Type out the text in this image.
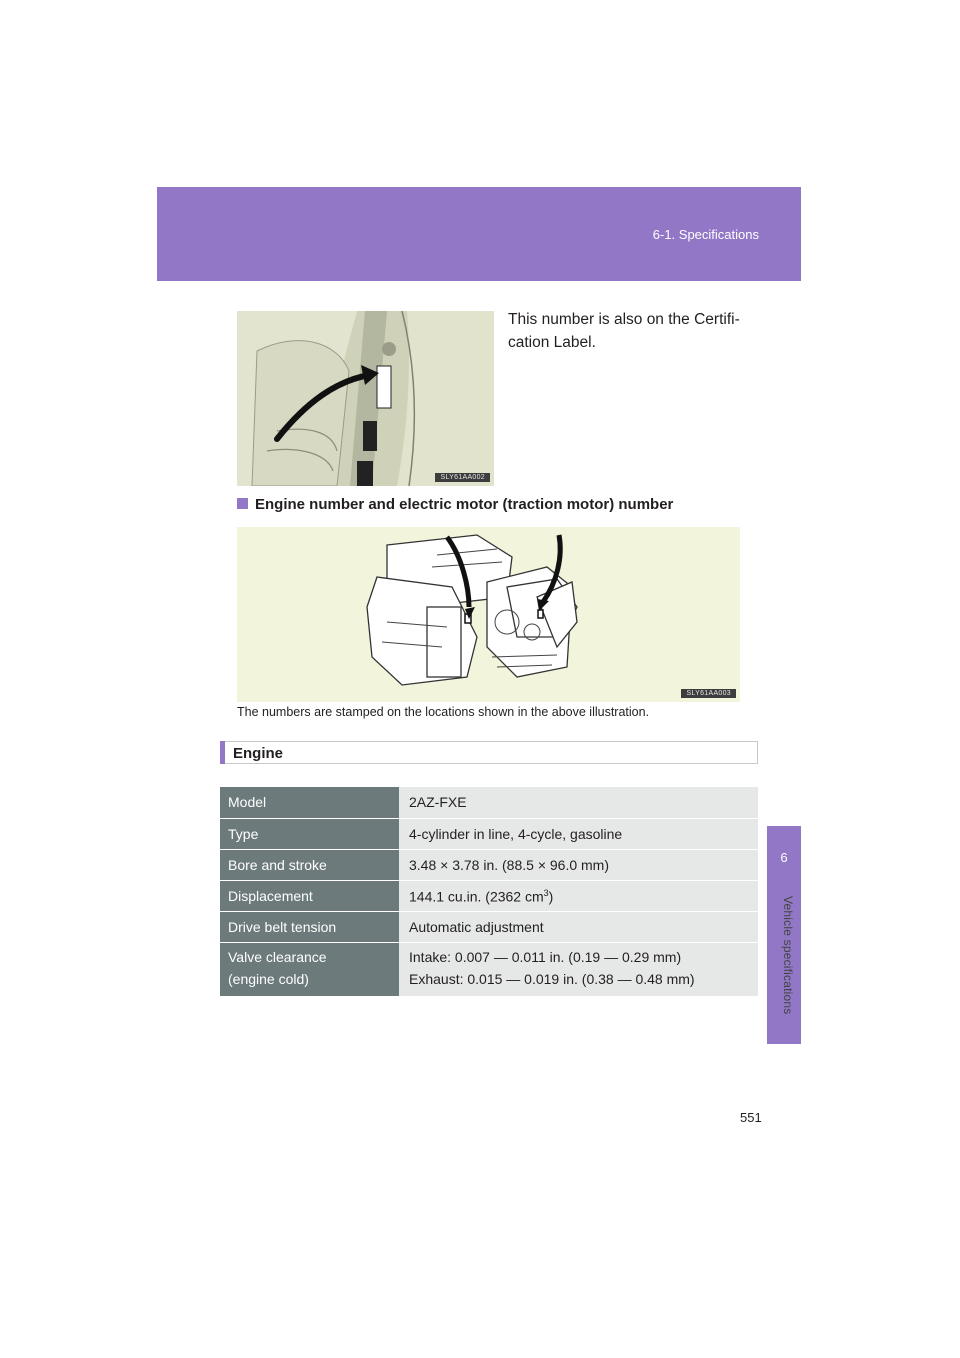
6-1. Specifications
6
Vehicle specifications
SLY61AA002
This number is also on the Certifi- cation Label.
Engine number and electric motor (traction motor) number
SLY61AA003
The numbers are stamped on the locations shown in the above illustration.
Engine
Model	2AZ-FXE
Type	4-cylinder in line, 4-cycle, gasoline
Bore and stroke	3.48 × 3.78 in. (88.5 × 96.0 mm)
Displacement	144.1 cu.in. (2362 $cm^3$)
Drive belt tension	Automatic adjustment

Valve clearance
(engine cold)	Intake: 0.007 — 0.011 in. (0.19 — 0.29 mm)
Exhaust: 0.015 — 0.019 in. (0.38 — 0.48 mm)
551
